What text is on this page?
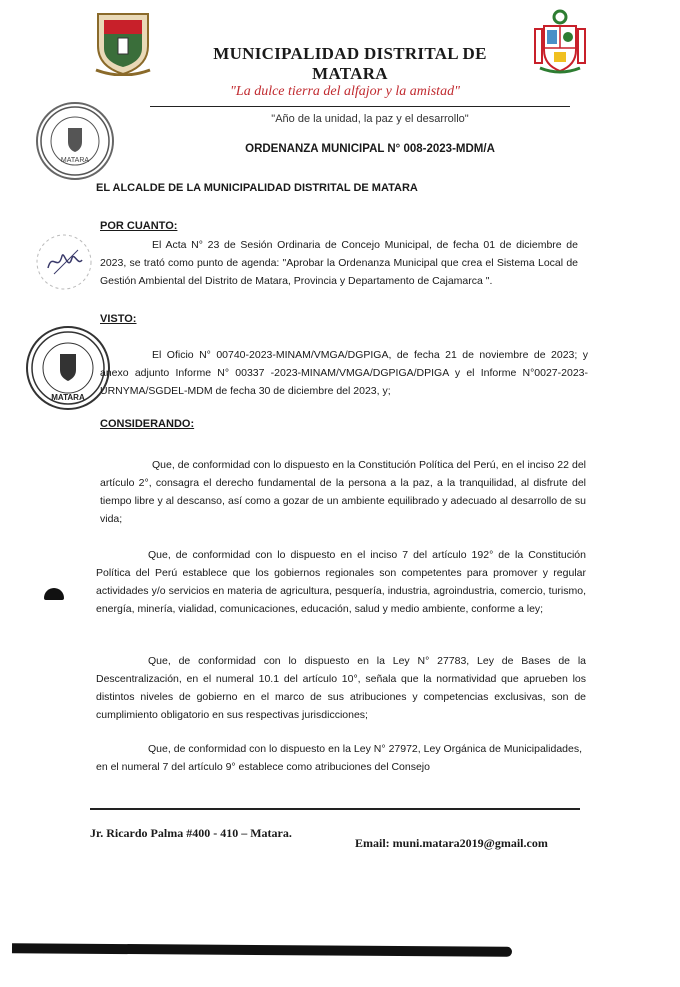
MUNICIPALIDAD DISTRITAL DE MATARA
"La dulce tierra del alfajor y la amistad"
"Año de la unidad, la paz y el desarrollo"
ORDENANZA MUNICIPAL N° 008-2023-MDM/A
MATARA
MATARA
EL ALCALDE DE LA MUNICIPALIDAD DISTRITAL DE MATARA
POR CUANTO:
El Acta N° 23 de Sesión Ordinaria de Concejo Municipal, de fecha 01 de diciembre de 2023, se trató como punto de agenda: "Aprobar la Ordenanza Municipal que crea el Sistema Local de Gestión Ambiental del Distrito de Matara, Provincia y Departamento de Cajamarca ".
VISTO:
El Oficio N° 00740-2023-MINAM/VMGA/DGPIGA, de fecha 21 de noviembre de 2023; y anexo adjunto Informe N° 00337 -2023-MINAM/VMGA/DGPIGA/DPIGA y el Informe N°0027-2023-URNYMA/SGDEL-MDM de fecha 30 de diciembre del 2023, y;
CONSIDERANDO:
Que, de conformidad con lo dispuesto en la Constitución Política del Perú, en el inciso 22 del artículo 2°, consagra el derecho fundamental de la persona a la paz, a la tranquilidad, al disfrute del tiempo libre y al descanso, así como a gozar de un ambiente equilibrado y adecuado al desarrollo de su vida;
Que, de conformidad con lo dispuesto en el inciso 7 del artículo 192° de la Constitución Política del Perú establece que los gobiernos regionales son competentes para promover y regular actividades y/o servicios en materia de agricultura, pesquería, industria, agroindustria, comercio, turismo, energía, minería, vialidad, comunicaciones, educación, salud y medio ambiente, conforme a ley;
Que, de conformidad con lo dispuesto en la Ley N° 27783, Ley de Bases de la Descentralización, en el numeral 10.1 del artículo 10°, señala que la normatividad que aprueben los distintos niveles de gobierno en el marco de sus atribuciones y competencias exclusivas, son de cumplimiento obligatorio en sus respectivas jurisdicciones;
Que, de conformidad con lo dispuesto en la Ley N° 27972, Ley Orgánica de Municipalidades, en el numeral 7 del artículo 9° establece como atribuciones del Consejo
Jr. Ricardo Palma #400 - 410 – Matara.
Email: muni.matara2019@gmail.com
